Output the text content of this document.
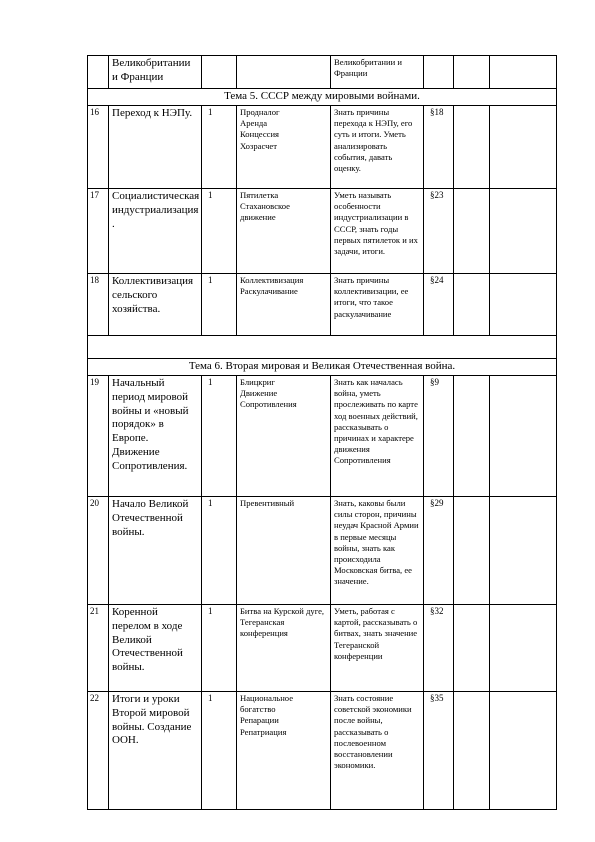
	Великобритании и Франции			Великобритании и Франции			
Тема 5. СССР между мировыми войнами.							
16	Переход к НЭПу.	1	Продналог
Аренда
Концессия
Хозрасчет	Знать причины перехода к НЭПу, его суть и итоги. Уметь анализировать события, давать оценку.	§18		
17	Социалистическая индустриализация .	1	Пятилетка
Стахановское движение	Уметь называть особенности индустриализации в СССР, знать годы первых пятилеток и их задачи, итоги.	§23		
18	Коллективизация сельского хозяйства.	1	Коллективизация
Раскулачивание	Знать причины коллективизации, ее итоги, что такое раскулачивание	§24		

Тема 6. Вторая мировая и Великая Отечественная война.							
19	Начальный период мировой войны и «новый порядок» в Европе. Движение Сопротивления.	1	Блицкриг
Движение Сопротивления	Знать как началась война, уметь прослеживать по карте ход военных действий, рассказывать о причинах и характере движения Сопротивления	§9		
20	Начало Великой Отечественной войны.	1	Превентивный	Знать, каковы были силы сторон, причины неудач Красной Армии в первые месяцы войны, знать как происходила Московская битва, ее значение.	§29		
21	Коренной перелом в ходе Великой Отечественной войны.	1	Битва на Курской дуге, Тегеранская конференция	Уметь, работая с картой, рассказывать о битвах, знать значение Тегеранской конференции	§32		
22	Итоги и уроки Второй мировой войны. Создание ООН.	1	Национальное богатство
Репарации
Репатриация	Знать состояние советской экономики после войны, рассказывать о послевоенном восстановлении экономики.	§35		
